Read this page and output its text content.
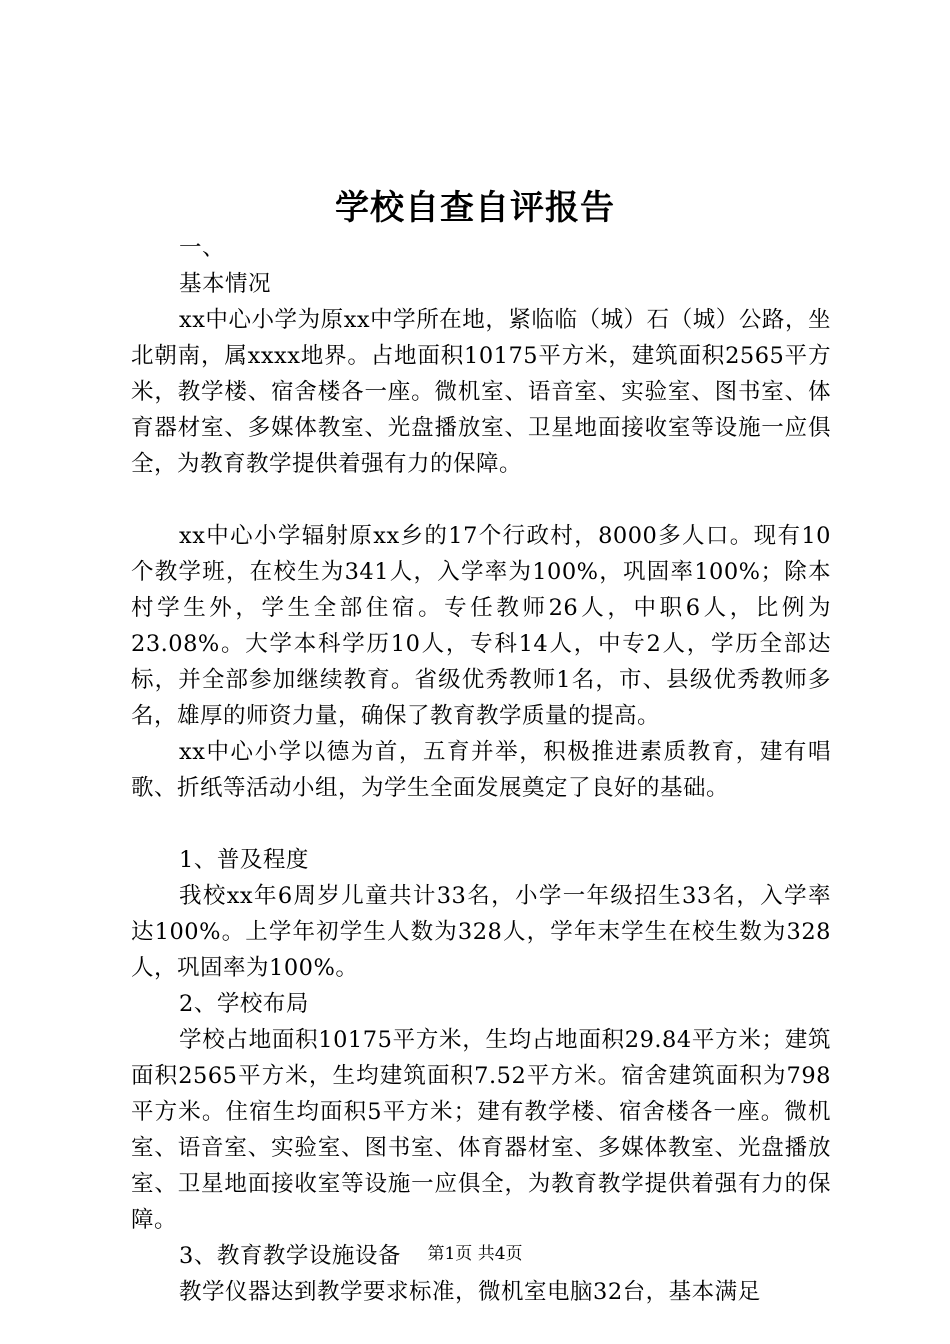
学校自查自评报告

一、

基本情况

xx中心小学为原xx中学所在地，紧临临（城）石（城）公路，坐北朝南，属xxxx地界。占地面积10175平方米，建筑面积2565平方米，教学楼、宿舍楼各一座。微机室、语音室、实验室、图书室、体育器材室、多媒体教室、光盘播放室、卫星地面接收室等设施一应俱全，为教育教学提供着强有力的保障。

xx中心小学辐射原xx乡的17个行政村，8000多人口。现有10个教学班，在校生为341人，入学率为100%，巩固率100%；除本村学生外，学生全部住宿。专任教师26人，中职6人，比例为23.08%。大学本科学历10人，专科14人，中专2人，学历全部达标，并全部参加继续教育。省级优秀教师1名，市、县级优秀教师多名，雄厚的师资力量，确保了教育教学质量的提高。

xx中心小学以德为首，五育并举，积极推进素质教育，建有唱歌、折纸等活动小组，为学生全面发展奠定了良好的基础。

1、普及程度

我校xx年6周岁儿童共计33名，小学一年级招生33名，入学率达100%。上学年初学生人数为328人，学年末学生在校生数为328人，巩固率为100%。

2、学校布局

学校占地面积10175平方米，生均占地面积29.84平方米；建筑面积2565平方米，生均建筑面积7.52平方米。宿舍建筑面积为798平方米。住宿生均面积5平方米；建有教学楼、宿舍楼各一座。微机室、语音室、实验室、图书室、体育器材室、多媒体教室、光盘播放室、卫星地面接收室等设施一应俱全，为教育教学提供着强有力的保障。

3、教育教学设施设备

教学仪器达到教学要求标准，微机室电脑32台，基本满足

第1页 共4页
